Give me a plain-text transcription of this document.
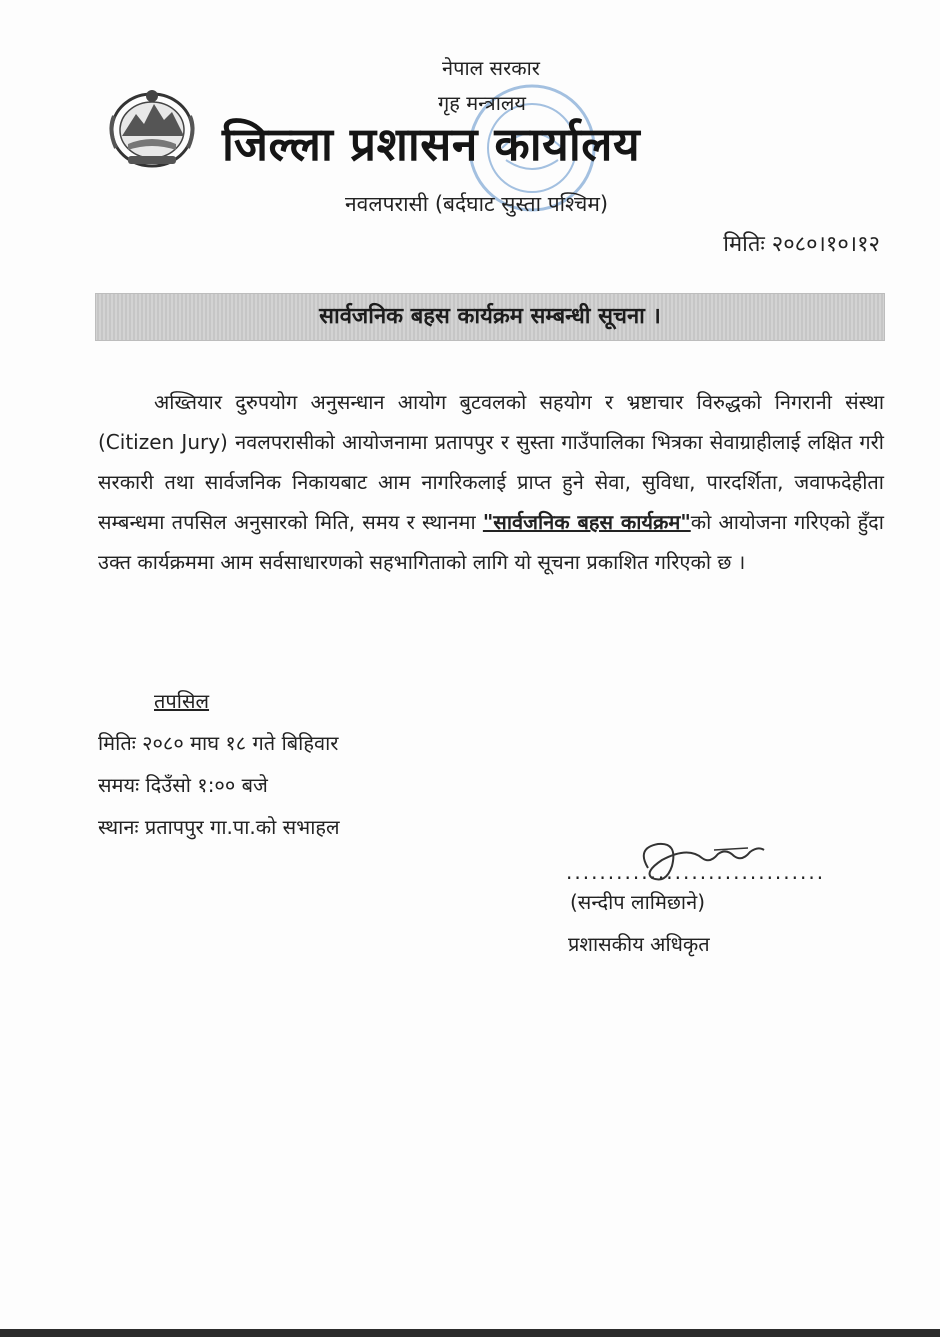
नेपाल सरकार
गृह मन्त्रालय
जिल्ला प्रशासन कार्यालय
नवलपरासी (बर्दघाट सुस्ता पश्चिम)
मितिः २०८०।१०।१२
सार्वजनिक बहस कार्यक्रम सम्बन्धी सूचना ।
अख्तियार दुरुपयोग अनुसन्धान आयोग बुटवलको सहयोग र भ्रष्टाचार विरुद्धको निगरानी संस्था (Citizen Jury) नवलपरासीको आयोजनामा प्रतापपुर र सुस्ता गाउँपालिका भित्रका सेवाग्राहीलाई लक्षित गरी सरकारी तथा सार्वजनिक निकायबाट आम नागरिकलाई प्राप्त हुने सेवा, सुविधा, पारदर्शिता, जवाफदेहीता सम्बन्धमा तपसिल अनुसारको मिति, समय र स्थानमा "सार्वजनिक बहस कार्यक्रम"को आयोजना गरिएको हुँदा उक्त कार्यक्रममा आम सर्वसाधारणको सहभागिताको लागि यो सूचना प्रकाशित गरिएको छ ।
तपसिल
मितिः २०८० माघ १८ गते बिहिवार
समयः दिउँसो १:०० बजे
स्थानः प्रतापपुर गा.पा.को सभाहल
...............................
(सन्दीप लामिछाने)
प्रशासकीय अधिकृत
